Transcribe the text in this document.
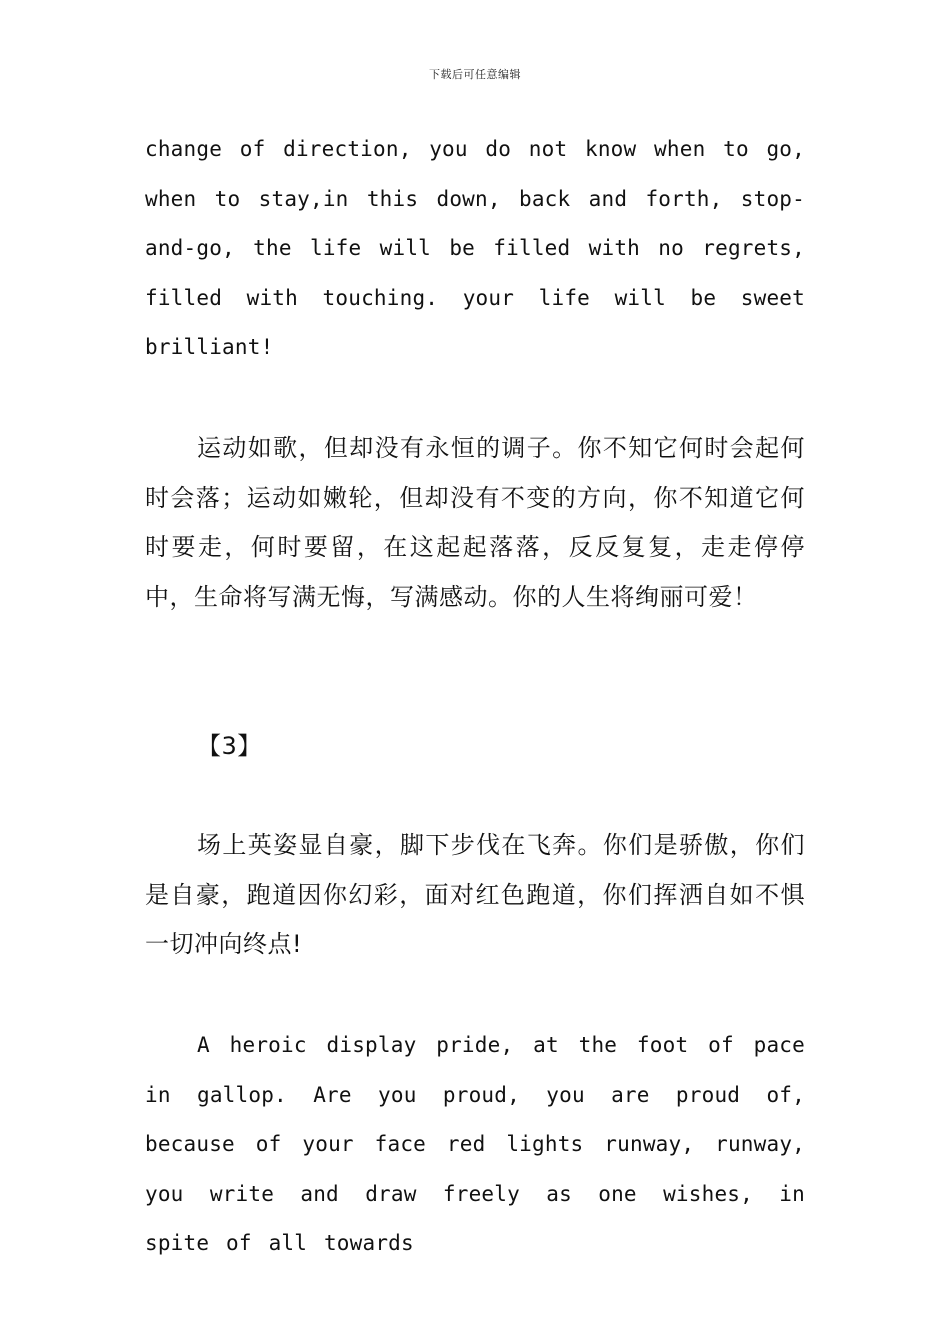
下载后可任意编辑

change of direction, you do not know when to go, when to stay,in this down, back and forth, stop-and-go, the life will be filled with no regrets, filled with touching. your life will be sweet brilliant!

运动如歌，但却没有永恒的调子。你不知它何时会起何时会落；运动如嫩轮，但却没有不变的方向，你不知道它何时要走，何时要留，在这起起落落，反反复复，走走停停中，生命将写满无悔，写满感动。你的人生将绚丽可爱！

【3】

场上英姿显自豪，脚下步伐在飞奔。你们是骄傲，你们是自豪，跑道因你幻彩，面对红色跑道，你们挥洒自如不惧一切冲向终点!

A heroic display pride, at the foot of pace in gallop. Are you proud, you are proud of, because of your face red lights runway, runway, you write and draw freely as one wishes, in spite of all towards
